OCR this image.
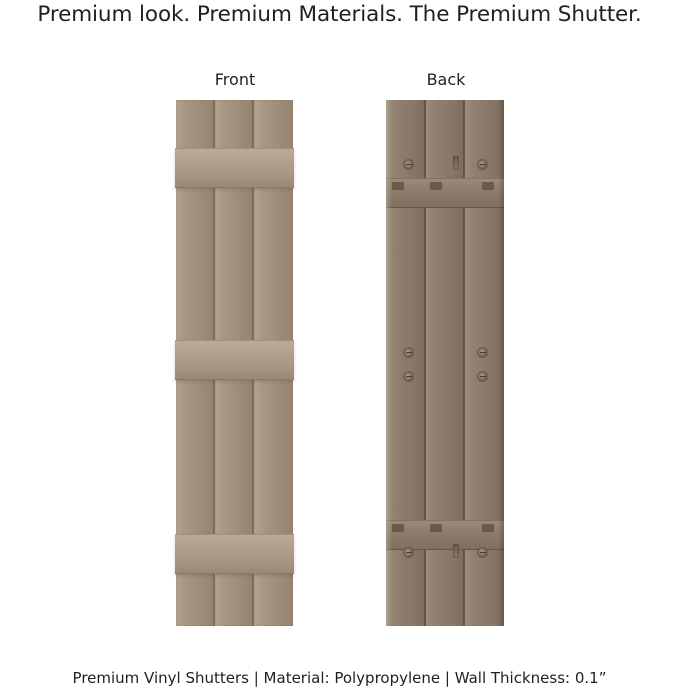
Premium look. Premium Materials. The Premium Shutter.
Front	Back
Premium Vinyl Shutters | Material: Polypropylene | Wall Thickness: 0.1”
